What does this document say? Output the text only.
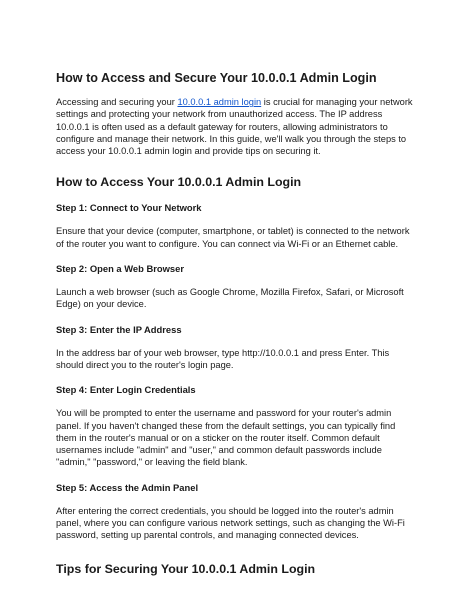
How to Access and Secure Your 10.0.0.1 Admin Login

Accessing and securing your 10.0.0.1 admin login is crucial for managing your network settings and protecting your network from unauthorized access. The IP address 10.0.0.1 is often used as a default gateway for routers, allowing administrators to configure and manage their network. In this guide, we'll walk you through the steps to access your 10.0.0.1 admin login and provide tips on securing it.

How to Access Your 10.0.0.1 Admin Login
Step 1: Connect to Your Network

Ensure that your device (computer, smartphone, or tablet) is connected to the network of the router you want to configure. You can connect via Wi-Fi or an Ethernet cable.

Step 2: Open a Web Browser

Launch a web browser (such as Google Chrome, Mozilla Firefox, Safari, or Microsoft Edge) on your device.

Step 3: Enter the IP Address

In the address bar of your web browser, type http://10.0.0.1 and press Enter. This should direct you to the router's login page.

Step 4: Enter Login Credentials

You will be prompted to enter the username and password for your router's admin panel. If you haven't changed these from the default settings, you can typically find them in the router's manual or on a sticker on the router itself. Common default usernames include "admin" and "user," and common default passwords include "admin," "password," or leaving the field blank.

Step 5: Access the Admin Panel

After entering the correct credentials, you should be logged into the router's admin panel, where you can configure various network settings, such as changing the Wi-Fi password, setting up parental controls, and managing connected devices.

Tips for Securing Your 10.0.0.1 Admin Login
